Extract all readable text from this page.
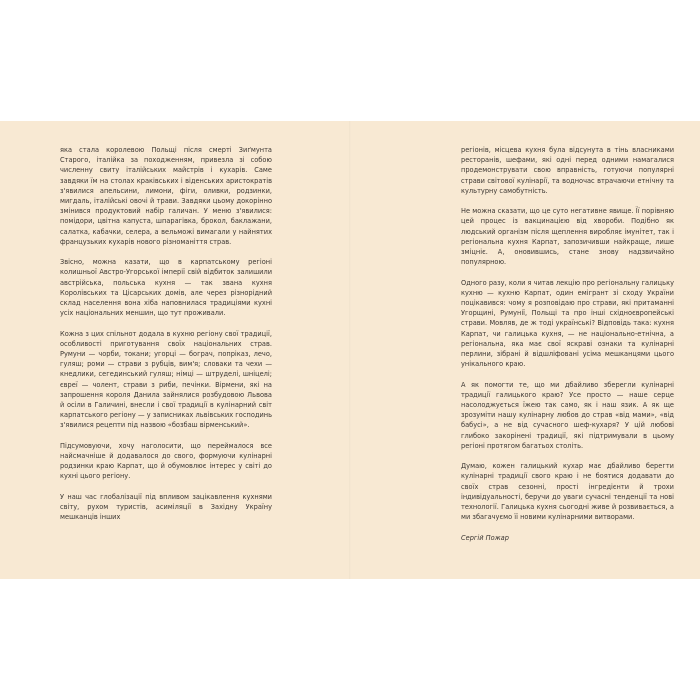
яка стала королевою Польщі після смерті Зиґмунта Старого, італійка за походженням, привезла зі собою численну свиту італійських майстрів і кухарів. Саме завдяки їм на столах краківських і віденських аристократів з'явилися апельсини, лимони, фіги, оливки, родзинки, мигдаль, італійські овочі й трави. Завдяки цьому докорінно змінився продуктовий набір галичан. У меню з'явилися: помідори, цвітна капуста, шпарагівка, брокол, баклажани, салатка, кабачки, селера, а вельможі вимагали у найнятих французьких кухарів нового різноманіття страв.

Звісно, можна казати, що в карпатському регіоні колишньої Австро-Угорської імперії свій відбиток залишили австрійська, польська кухня — так звана кухня Королівських та Цісарських домів, але через різнорідний склад населення вона хіба наповнилася традиціями кухні усіх національних меншин, що тут проживали.

Кожна з цих спільнот додала в кухню регіону свої традиції, особливості приготування своїх національних страв. Румуни — чорби, токани; угорці — бограч, попріказ, лечо, гуляш; роми — страви з рубців, вим'я; словаки та чехи — кнедлики, сегединський гуляш; німці — штруделі, шніцелі; євреї — чолент, страви з риби, печінки. Вірмени, які на запрошення короля Данила зайнялися розбудовою Львова й осіли в Галичині, внесли і свої традиції в кулінарний світ карпатського регіону — у записниках львівських господинь з'явилися рецепти під назвою «бозбаш вірменський».

Підсумовуючи, хочу наголосити, що переймалося все найсмачніше й додавалося до свого, формуючи кулінарні родзинки краю Карпат, що й обумовлює інтерес у світі до кухні цього регіону.

У наш час глобалізації під впливом зацікавлення кухнями світу, рухом туристів, асиміляції в Західну Україну мешканців інших

регіонів, місцева кухня була відсунута в тінь власниками ресторанів, шефами, які одні перед одними намагалися продемонструвати свою вправність, готуючи популярні страви світової кулінарії, та водночас втрачаючи етнічну та культурну самобутність.

Не можна сказати, що це суто негативне явище. Її порівняю цей процес із вакцинацією від хвороби. Подібно як людський організм після щеплення виробляє імунітет, так і регіональна кухня Карпат, запозичивши найкраще, лише зміцніє. А, оновившись, стане знову надзвичайно популярною.

Одного разу, коли я читав лекцію про регіональну галицьку кухню — кухню Карпат, один емігрант зі сходу України поцікавився: чому я розповідаю про страви, які притаманні Угорщині, Румунії, Польщі та про інші східноєвропейські страви. Мовляв, де ж тоді українські? Відповідь така: кухня Карпат, чи галицька кухня, — не національно-етнічна, а регіональна, яка має свої яскраві ознаки та кулінарні перлини, зібрані й відшліфовані усіма мешканцями цього унікального краю.

А як помогти те, що ми дбайливо зберегли кулінарні традиції галицького краю? Усе просто — наше серце насолоджується їжею так само, як і наш язик. А як ще зрозуміти нашу кулінарну любов до страв «від мами», «від бабусі», а не від сучасного шеф-кухаря? У цій любові глибоко закорінені традиції, які підтримували в цьому регіоні протягом багатьох століть.

Думаю, кожен галицький кухар має дбайливо берегти кулінарні традиції свого краю і не боятися додавати до своїх страв сезонні, прості інгредієнти й трохи індивідуальності, беручи до уваги сучасні тенденції та нові технології. Галицька кухня сьогодні живе й розвивається, а ми збагачуємо її новими кулінарними витворами.

Сергій Пожар
